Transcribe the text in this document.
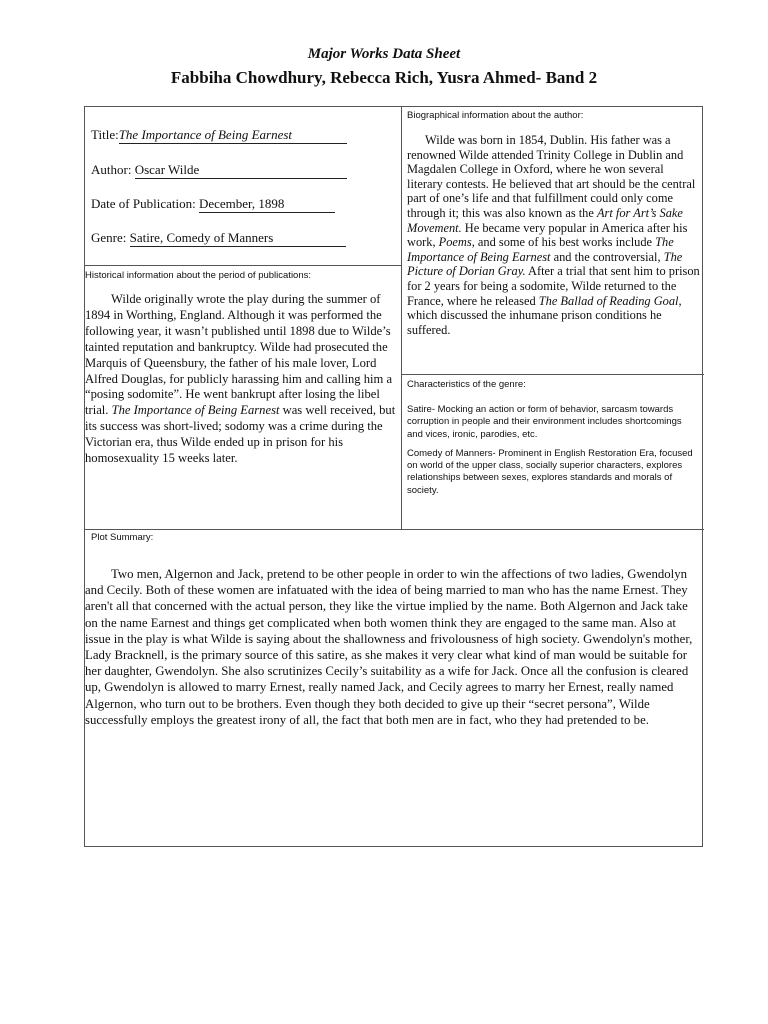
Major Works Data Sheet
Fabbiha Chowdhury, Rebecca Rich, Yusra Ahmed- Band 2
Title:The Importance of Being Earnest
Author: Oscar Wilde
Date of Publication: December, 1898
Genre: Satire, Comedy of Manners
Historical information about the period of publications:
Wilde originally wrote the play during the summer of 1894 in Worthing, England. Although it was performed the following year, it wasn’t published until 1898 due to Wilde’s tainted reputation and bankruptcy. Wilde had prosecuted the Marquis of Queensbury, the father of his male lover, Lord Alfred Douglas, for publicly harassing him and calling him a “posing sodomite”. He went bankrupt after losing the libel trial. The Importance of Being Earnest was well received, but its success was short-lived; sodomy was a crime during the Victorian era, thus Wilde ended up in prison for his homosexuality 15 weeks later.
Biographical information about the author:
Wilde was born in 1854, Dublin. His father was a renowned Wilde attended Trinity College in Dublin and Magdalen College in Oxford, where he won several literary contests. He believed that art should be the central part of one’s life and that fulfillment could only come through it; this was also known as the Art for Art’s Sake Movement. He became very popular in America after his work, Poems, and some of his best works include The Importance of Being Earnest and the controversial, The Picture of Dorian Gray. After a trial that sent him to prison for 2 years for being a sodomite, Wilde returned to the France, where he released The Ballad of Reading Goal, which discussed the inhumane prison conditions he suffered.
Characteristics of the genre:

Satire- Mocking an action or form of behavior, sarcasm towards corruption in people and their environment includes shortcomings and vices, ironic, parodies, etc.

Comedy of Manners- Prominent in English Restoration Era, focused on world of the upper class, socially superior characters, explores relationships between sexes, explores standards and morals of society.

Plot Summary:
Two men, Algernon and Jack, pretend to be other people in order to win the affections of two ladies, Gwendolyn and Cecily. Both of these women are infatuated with the idea of being married to man who has the name Ernest. They aren't all that concerned with the actual person, they like the virtue implied by the name. Both Algernon and Jack take on the name Earnest and things get complicated when both women think they are engaged to the same man. Also at issue in the play is what Wilde is saying about the shallowness and frivolousness of high society. Gwendolyn's mother, Lady Bracknell, is the primary source of this satire, as she makes it very clear what kind of man would be suitable for her daughter, Gwendolyn. She also scrutinizes Cecily’s suitability as a wife for Jack. Once all the confusion is cleared up, Gwendolyn is allowed to marry Ernest, really named Jack, and Cecily agrees to marry her Ernest, really named Algernon, who turn out to be brothers. Even though they both decided to give up their “secret persona”, Wilde successfully employs the greatest irony of all, the fact that both men are in fact, who they had pretended to be.
